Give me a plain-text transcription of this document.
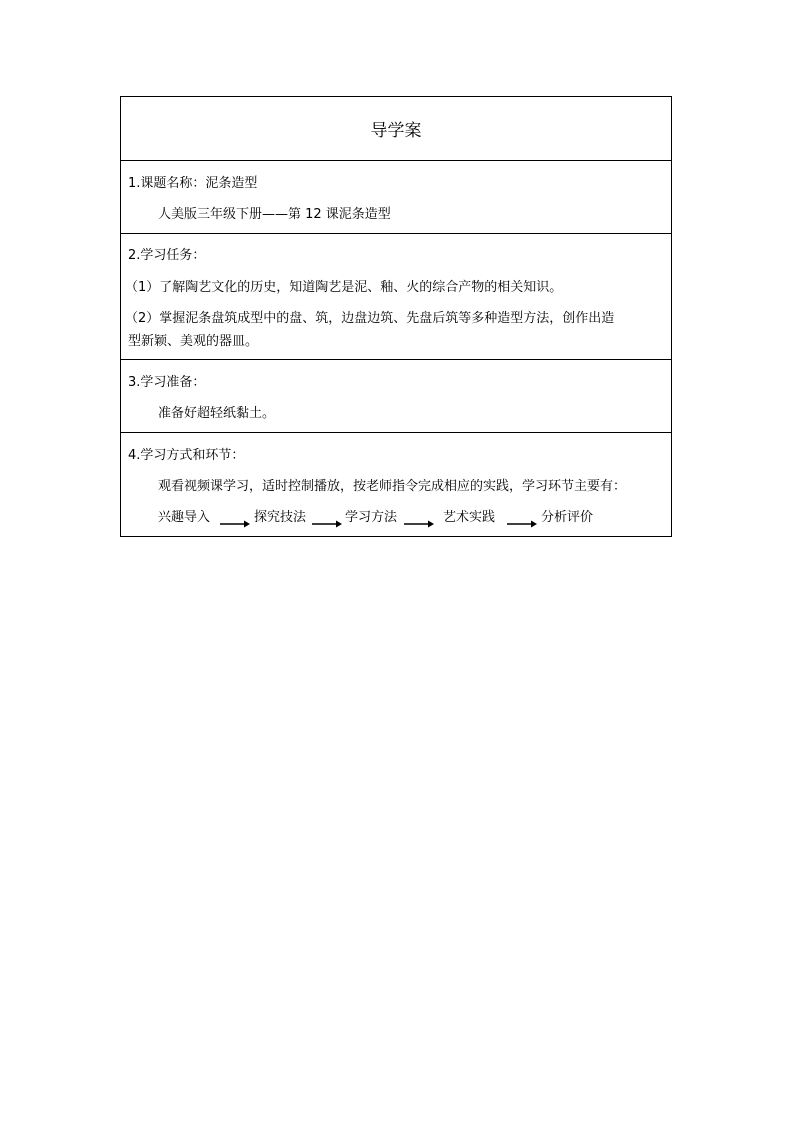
导学案
1.课题名称：泥条造型
人美版三年级下册——第 12 课泥条造型
2.学习任务：
（1）了解陶艺文化的历史，知道陶艺是泥、釉、火的综合产物的相关知识。
（2）掌握泥条盘筑成型中的盘、筑，边盘边筑、先盘后筑等多种造型方法，创作出造
型新颖、美观的器皿。
3.学习准备：
准备好超轻纸黏土。
4.学习方式和环节：
观看视频课学习，适时控制播放，按老师指令完成相应的实践，学习环节主要有：
兴趣导入	探究技法	学习方法	艺术实践	分析评价
